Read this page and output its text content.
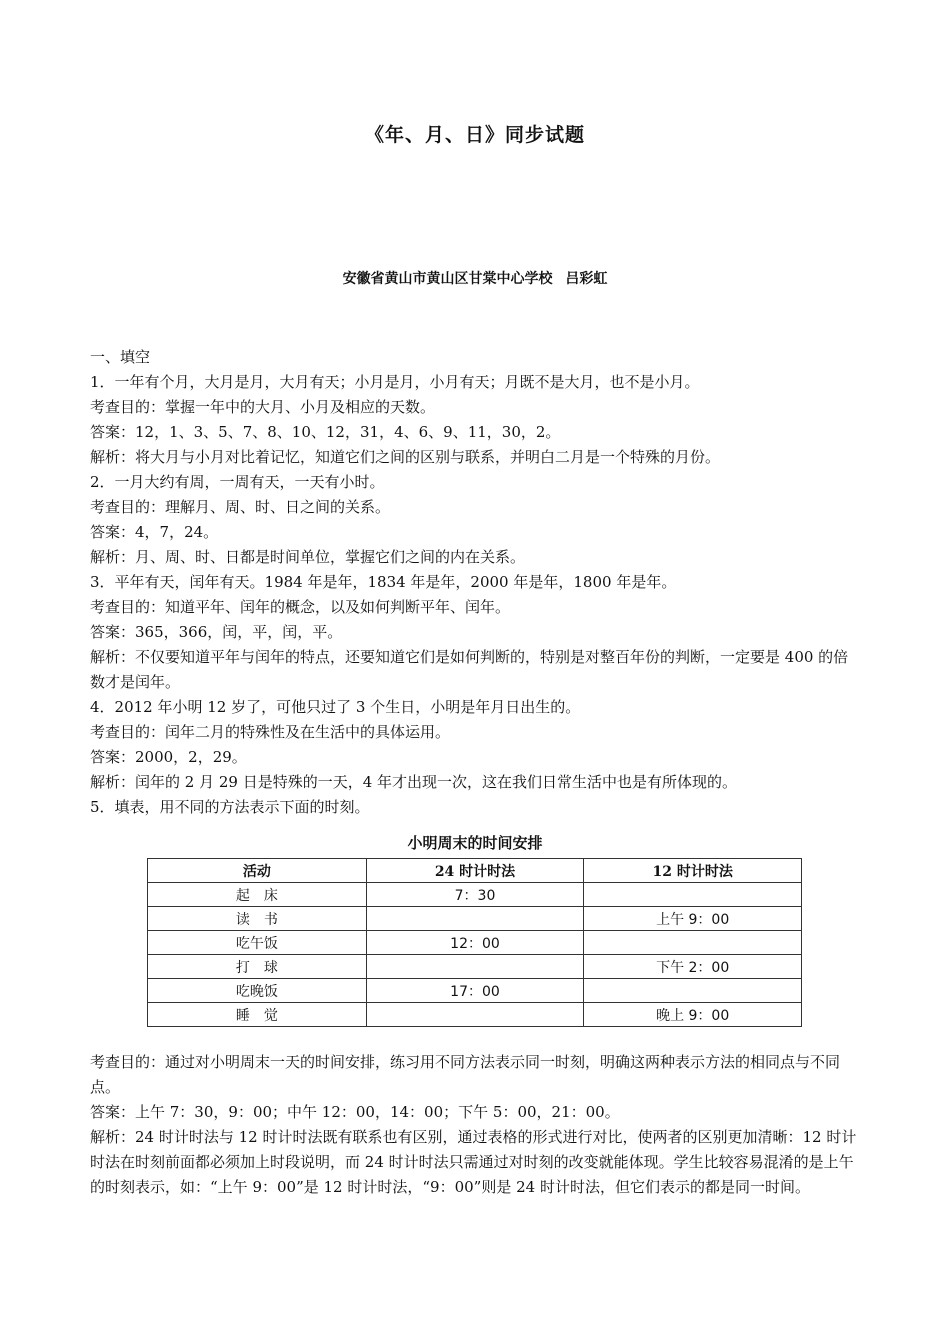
《年、月、日》同步试题
安徽省黄山市黄山区甘棠中心学校 吕彩虹

一、填空

1．一年有个月，大月是月，大月有天；小月是月，小月有天；月既不是大月，也不是小月。

考查目的：掌握一年中的大月、小月及相应的天数。

答案：12，1、3、5、7、8、10、12，31，4、6、9、11，30，2。

解析：将大月与小月对比着记忆，知道它们之间的区别与联系，并明白二月是一个特殊的月份。

2．一月大约有周，一周有天，一天有小时。

考查目的：理解月、周、时、日之间的关系。

答案：4，7，24。

解析：月、周、时、日都是时间单位，掌握它们之间的内在关系。

3．平年有天，闰年有天。1984 年是年，1834 年是年，2000 年是年，1800 年是年。

考查目的：知道平年、闰年的概念，以及如何判断平年、闰年。

答案：365，366，闰，平，闰，平。

解析：不仅要知道平年与闰年的特点，还要知道它们是如何判断的，特别是对整百年份的判断，一定要是 400 的倍数才是闰年。

4．2012 年小明 12 岁了，可他只过了 3 个生日，小明是年月日出生的。

考查目的：闰年二月的特殊性及在生活中的具体运用。

答案：2000，2，29。

解析：闰年的 2 月 29 日是特殊的一天，4 年才出现一次，这在我们日常生活中也是有所体现的。

5．填表，用不同的方法表示下面的时刻。

小明周末的时间安排
活动	24 时计时法	12 时计时法
起　床	7：30	
读　书		上午 9：00
吃午饭	12：00	
打　球		下午 2：00
吃晚饭	17：00	
睡　觉		晚上 9：00

考查目的：通过对小明周末一天的时间安排，练习用不同方法表示同一时刻，明确这两种表示方法的相同点与不同点。

答案：上午 7：30，9：00；中午 12：00，14：00；下午 5：00，21：00。

解析：24 时计时法与 12 时计时法既有联系也有区别，通过表格的形式进行对比，使两者的区别更加清晰：12 时计时法在时刻前面都必须加上时段说明，而 24 时计时法只需通过对时刻的改变就能体现。学生比较容易混淆的是上午的时刻表示，如：“上午 9：00”是 12 时计时法，“9：00”则是 24 时计时法，但它们表示的都是同一时间。
